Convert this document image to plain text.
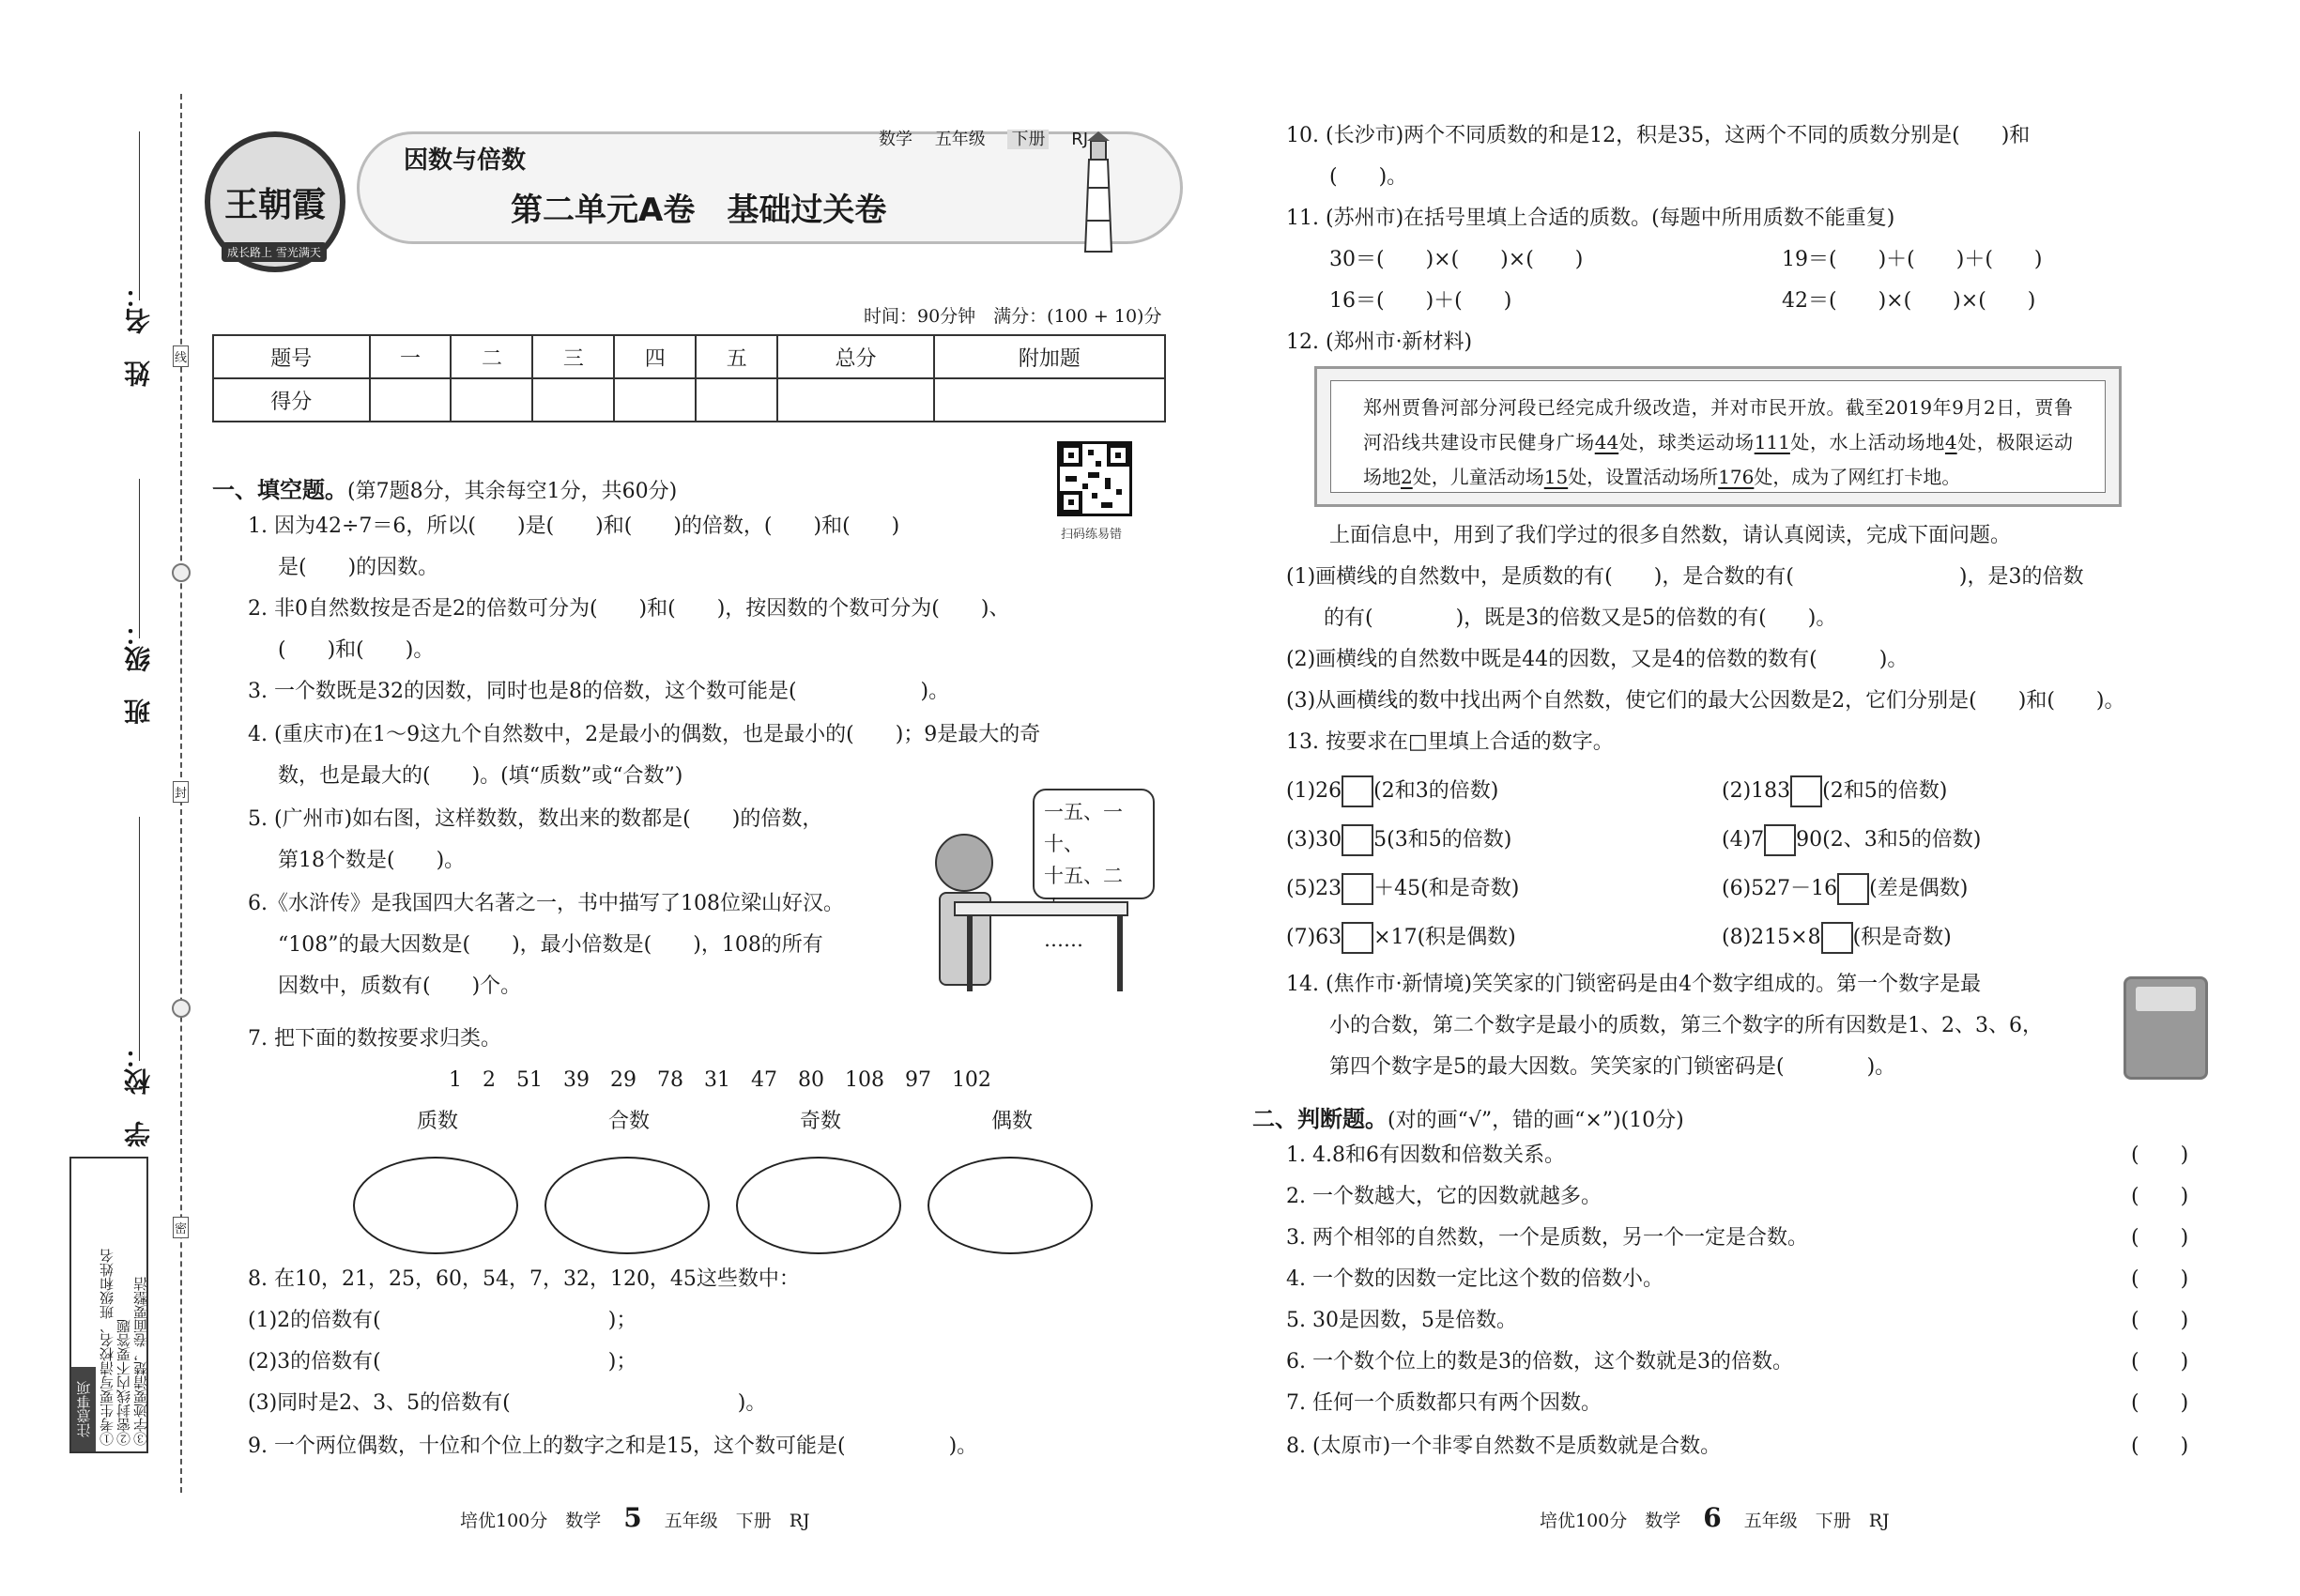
姓　名：
班　级：
学　校：
线
封
密
注意事项 ①考生要写清校名、班级和姓名 ②密封线内不要答题 ③字迹要清楚，卷面要整洁
王朝霞
成长路上 雪光满天
因数与倍数
数学　 五年级　 下册　 RJ
第二单元A卷　基础过关卷
时间：90分钟　满分：(100 + 10)分
题号	一	二	三	四	五	总分	附加题
得分							
扫码练易错
一、填空题。(第7题8分，其余每空1分，共60分)
1. 因为42÷7＝6，所以(　　)是(　　)和(　　)的倍数，(　　)和(　　)
是(　　)的因数。
2. 非0自然数按是否是2的倍数可分为(　　)和(　　)，按因数的个数可分为(　　)、
(　　)和(　　)。
3. 一个数既是32的因数，同时也是8的倍数，这个数可能是(　　　　　　)。
4. (重庆市)在1～9这九个自然数中，2是最小的偶数，也是最小的(　　)；9是最大的奇
数，也是最大的(　　)。(填“质数”或“合数”)
5. (广州市)如右图，这样数数，数出来的数都是(　　)的倍数，
第18个数是(　　)。
6.《水浒传》是我国四大名著之一，书中描写了108位梁山好汉。
“108”的最大因数是(　　)，最小倍数是(　　)，108的所有
因数中，质数有(　　)个。
一五、一十、
十五、二
……
7. 把下面的数按要求归类。
1　2　51　39　29　78　31　47　80　108　97　102
质数	合数	奇数	偶数
8. 在10，21，25，60，54，7，32，120，45这些数中：
(1)2的倍数有(　　　　　　　　　　　)；
(2)3的倍数有(　　　　　　　　　　　)；
(3)同时是2、3、5的倍数有(　　　　　　　　　　　)。
9. 一个两位偶数，十位和个位上的数字之和是15，这个数可能是(　　　　　)。
10. (长沙市)两个不同质数的和是12，积是35，这两个不同的质数分别是(　　)和
(　　)。
11. (苏州市)在括号里填上合适的质数。(每题中所用质数不能重复)
30＝(　　)×(　　)×(　　)	19＝(　　)＋(　　)＋(　　)
16＝(　　)＋(　　)	42＝(　　)×(　　)×(　　)
12. (郑州市·新材料)
郑州贾鲁河部分河段已经完成升级改造，并对市民开放。截至2019年9月2日，贾鲁河沿线共建设市民健身广场44处，球类运动场111处，水上活动场地4处，极限运动场地2处，儿童活动场15处，设置活动场所176处，成为了网红打卡地。
上面信息中，用到了我们学过的很多自然数，请认真阅读，完成下面问题。
(1)画横线的自然数中，是质数的有(　　)，是合数的有(　　　　　　　　)，是3的倍数
的有(　　　　)，既是3的倍数又是5的倍数的有(　　)。
(2)画横线的自然数中既是44的因数，又是4的倍数的数有(　　　)。
(3)从画横线的数中找出两个自然数，使它们的最大公因数是2，它们分别是(　　)和(　　)。
13. 按要求在□里填上合适的数字。
(1)26 (2和3的倍数)	(2)183 (2和5的倍数)
(3)30 5(3和5的倍数)	(4)7 90(2、3和5的倍数)
(5)23 ＋45(和是奇数)	(6)527－16 (差是偶数)
(7)63 ×17(积是偶数)	(8)215×8 (积是奇数)
14. (焦作市·新情境)笑笑家的门锁密码是由4个数字组成的。第一个数字是最
小的合数，第二个数字是最小的质数，第三个数字的所有因数是1、2、3、6，
第四个数字是5的最大因数。笑笑家的门锁密码是(　　　　)。
二、判断题。(对的画“√”，错的画“×”)(10分)
1. 4.8和6有因数和倍数关系。
2. 一个数越大，它的因数就越多。
3. 两个相邻的自然数，一个是质数，另一个一定是合数。
4. 一个数的因数一定比这个数的倍数小。
5. 30是因数，5是倍数。
6. 一个数个位上的数是3的倍数，这个数就是3的倍数。
7. 任何一个质数都只有两个因数。
8. (太原市)一个非零自然数不是质数就是合数。
(　　)
(　　)
(　　)
(　　)
(　　)
(　　)
(　　)
(　　)
培优100分　数学 5 五年级　下册　RJ	培优100分　数学 6 五年级　下册　RJ
